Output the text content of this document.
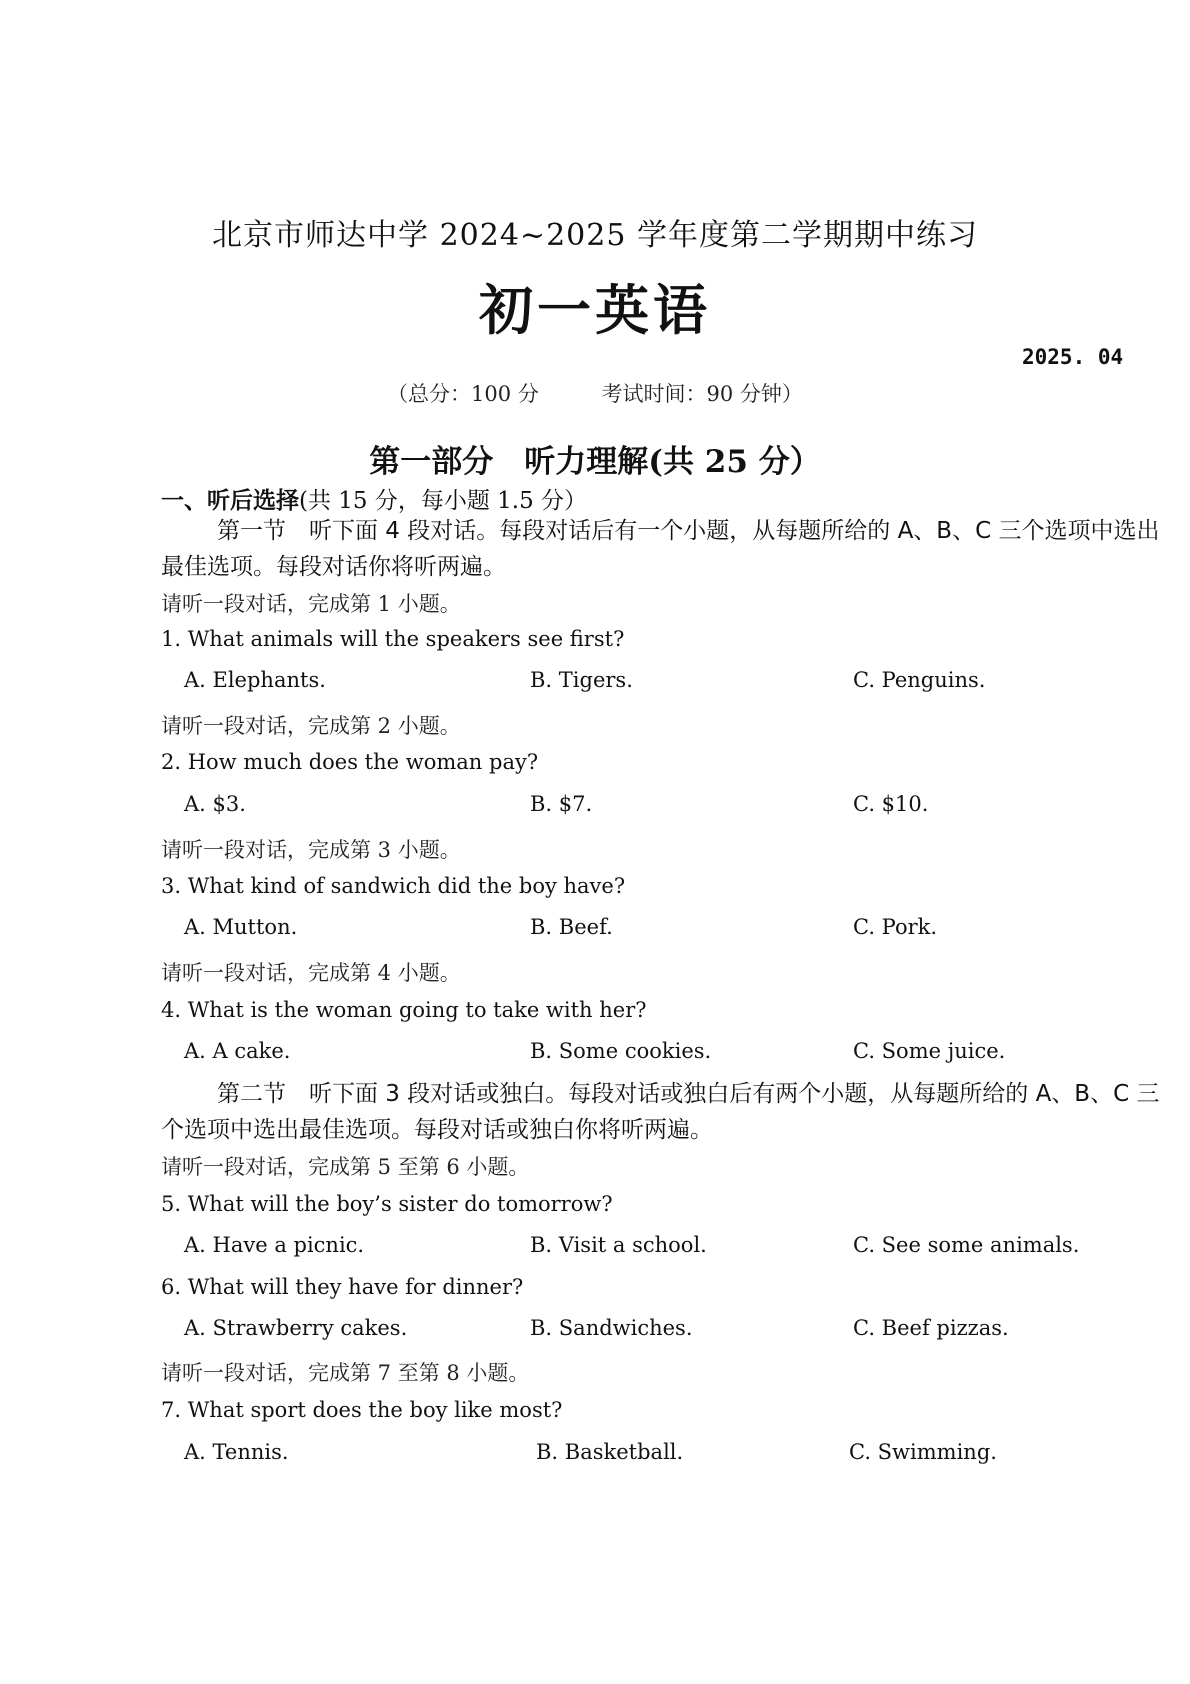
北京市师达中学 2024~2025 学年度第二学期期中练习
初一英语
2025. 04
（总分：100 分	考试时间：90 分钟）
第一部分　听力理解(共 25 分）
一、听后选择(共 15 分，每小题 1.5 分）
第一节　 听下面 4 段对话。每段对话后有一个小题，从每题所给的 A、B、C 三个选项中选出最佳选项。每段对话你将听两遍。
请听一段对话，完成第 1 小题。
1. What animals will the speakers see first?
A. Elephants.	B. Tigers.	C. Penguins.
请听一段对话，完成第 2 小题。
2. How much does the woman pay?
A. $3.	B. $7.	C. $10.
请听一段对话，完成第 3 小题。
3. What kind of sandwich did the boy have?
A. Mutton.	B. Beef.	C. Pork.
请听一段对话，完成第 4 小题。
4. What is the woman going to take with her?
A. A cake.	B. Some cookies.	C. Some juice.
第二节　 听下面 3 段对话或独白。每段对话或独白后有两个小题，从每题所给的 A、B、C 三个选项中选出最佳选项。每段对话或独白你将听两遍。
请听一段对话，完成第 5 至第 6 小题。
5. What will the boy’s sister do tomorrow?
A. Have a picnic.	B. Visit a school.	C. See some animals.
6. What will they have for dinner?
A. Strawberry cakes.	B. Sandwiches.	C. Beef pizzas.
请听一段对话，完成第 7 至第 8 小题。
7. What sport does the boy like most?
A. Tennis.	B. Basketball.	C. Swimming.
